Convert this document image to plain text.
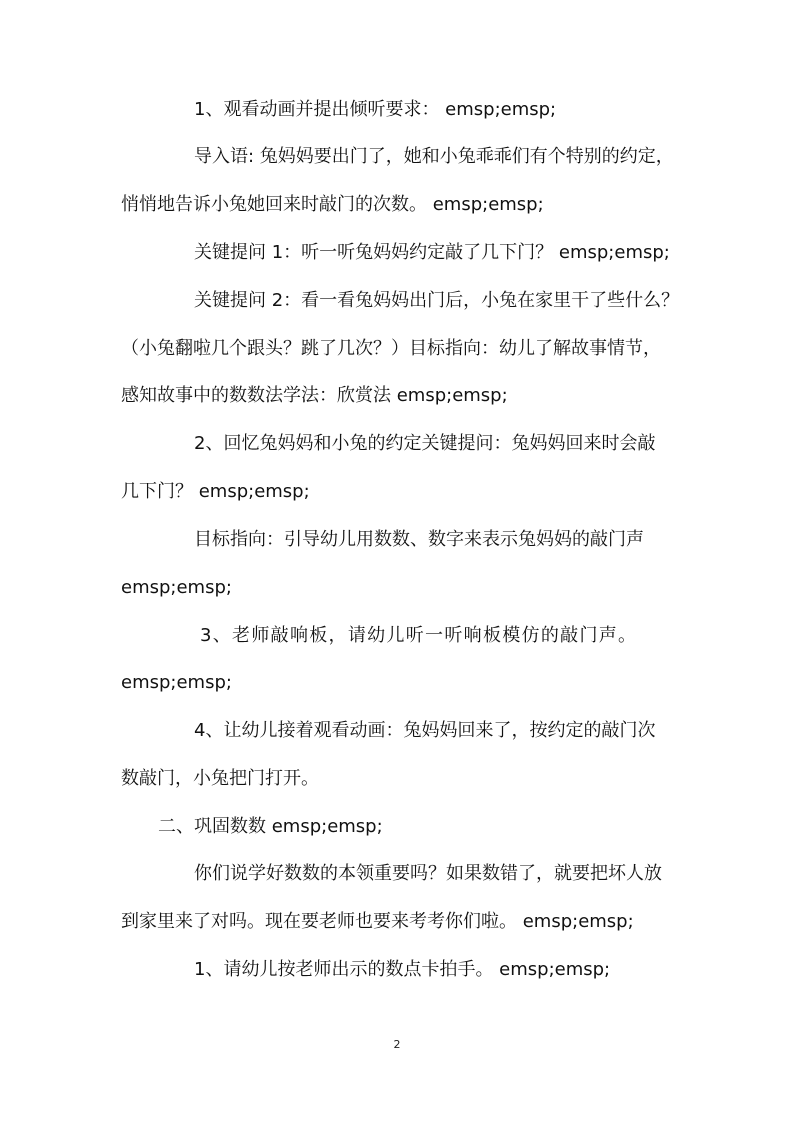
1、观看动画并提出倾听要求： emsp;emsp;
导入语: 兔妈妈要出门了，她和小兔乖乖们有个特别的约定，
悄悄地告诉小兔她回来时敲门的次数。 emsp;emsp;
关键提问 1：听一听兔妈妈约定敲了几下门？ emsp;emsp;
关键提问 2：看一看兔妈妈出门后，小兔在家里干了些什么？
（小兔翻啦几个跟头？跳了几次？）目标指向：幼儿了解故事情节，
感知故事中的数数法学法：欣赏法 emsp;emsp;
2、回忆兔妈妈和小兔的约定关键提问：兔妈妈回来时会敲
几下门？ emsp;emsp;
目标指向：引导幼儿用数数、数字来表示兔妈妈的敲门声
emsp;emsp;
3、老师敲响板，请幼儿听一听响板模仿的敲门声。
emsp;emsp;
4、让幼儿接着观看动画：兔妈妈回来了，按约定的敲门次
数敲门，小兔把门打开。
二、巩固数数 emsp;emsp;
你们说学好数数的本领重要吗？如果数错了，就要把坏人放
到家里来了对吗。现在要老师也要来考考你们啦。 emsp;emsp;
1、请幼儿按老师出示的数点卡拍手。 emsp;emsp;
2
